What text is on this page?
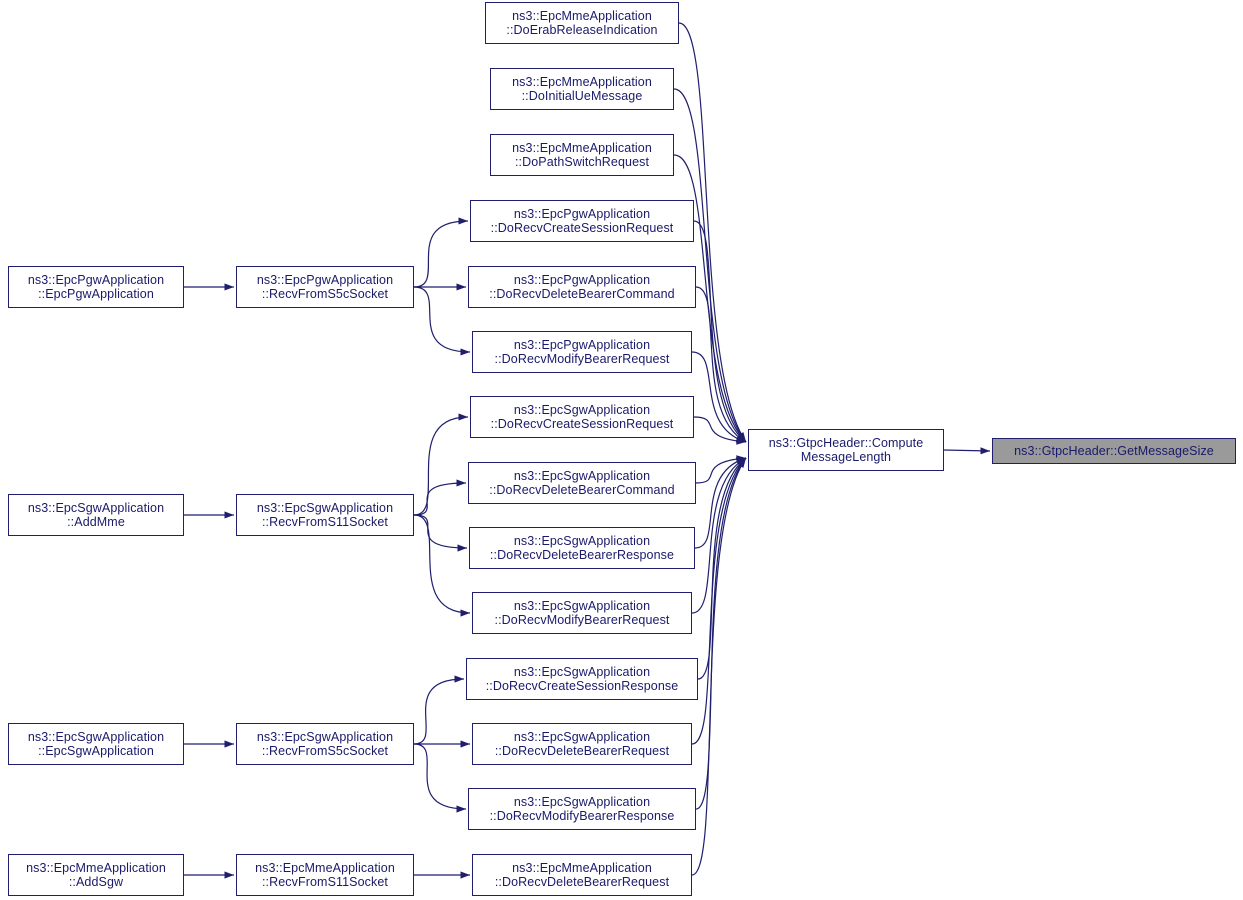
ns3::EpcMmeApplication
::DoErabReleaseIndication
ns3::EpcMmeApplication
::DoInitialUeMessage
ns3::EpcMmeApplication
::DoPathSwitchRequest
ns3::EpcPgwApplication
::DoRecvCreateSessionRequest
ns3::EpcPgwApplication
::DoRecvDeleteBearerCommand
ns3::EpcPgwApplication
::DoRecvModifyBearerRequest
ns3::EpcSgwApplication
::DoRecvCreateSessionRequest
ns3::EpcSgwApplication
::DoRecvDeleteBearerCommand
ns3::EpcSgwApplication
::DoRecvDeleteBearerResponse
ns3::EpcSgwApplication
::DoRecvModifyBearerRequest
ns3::EpcSgwApplication
::DoRecvCreateSessionResponse
ns3::EpcSgwApplication
::DoRecvDeleteBearerRequest
ns3::EpcSgwApplication
::DoRecvModifyBearerResponse
ns3::EpcMmeApplication
::DoRecvDeleteBearerRequest
ns3::EpcPgwApplication
::EpcPgwApplication
ns3::EpcPgwApplication
::RecvFromS5cSocket
ns3::EpcSgwApplication
::AddMme
ns3::EpcSgwApplication
::RecvFromS11Socket
ns3::EpcSgwApplication
::EpcSgwApplication
ns3::EpcSgwApplication
::RecvFromS5cSocket
ns3::EpcMmeApplication
::AddSgw
ns3::EpcMmeApplication
::RecvFromS11Socket
ns3::GtpcHeader::Compute
MessageLength	ns3::GtpcHeader::GetMessageSize
